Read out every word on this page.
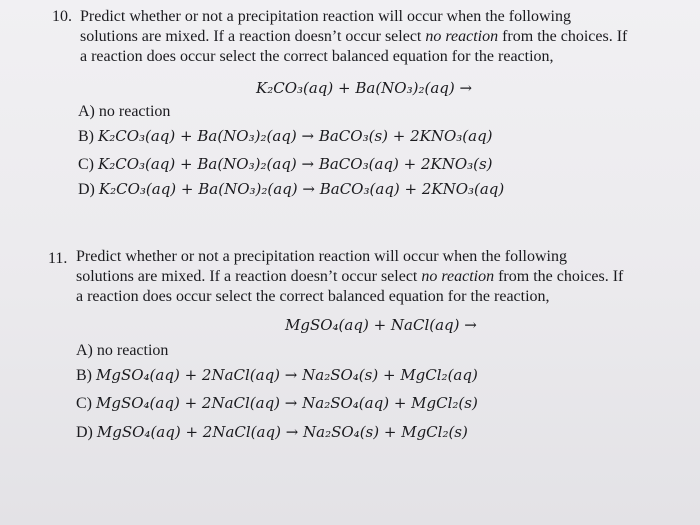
10. Predict whether or not a precipitation reaction will occur when the following
solutions are mixed. If a reaction doesn’t occur select no reaction from the choices. If
a reaction does occur select the correct balanced equation for the reaction,
K₂CO₃(aq) + Ba(NO₃)₂(aq) →
A) no reaction
B) K₂CO₃(aq) + Ba(NO₃)₂(aq) → BaCO₃(s) + 2KNO₃(aq)
C) K₂CO₃(aq) + Ba(NO₃)₂(aq) → BaCO₃(aq) + 2KNO₃(s)
D) K₂CO₃(aq) + Ba(NO₃)₂(aq) → BaCO₃(aq) + 2KNO₃(aq)
11. Predict whether or not a precipitation reaction will occur when the following
solutions are mixed. If a reaction doesn’t occur select no reaction from the choices. If
a reaction does occur select the correct balanced equation for the reaction,
MgSO₄(aq) + NaCl(aq) →
A) no reaction
B) MgSO₄(aq) + 2NaCl(aq) → Na₂SO₄(s) + MgCl₂(aq)
C) MgSO₄(aq) + 2NaCl(aq) → Na₂SO₄(aq) + MgCl₂(s)
D) MgSO₄(aq) + 2NaCl(aq) → Na₂SO₄(s) + MgCl₂(s)
